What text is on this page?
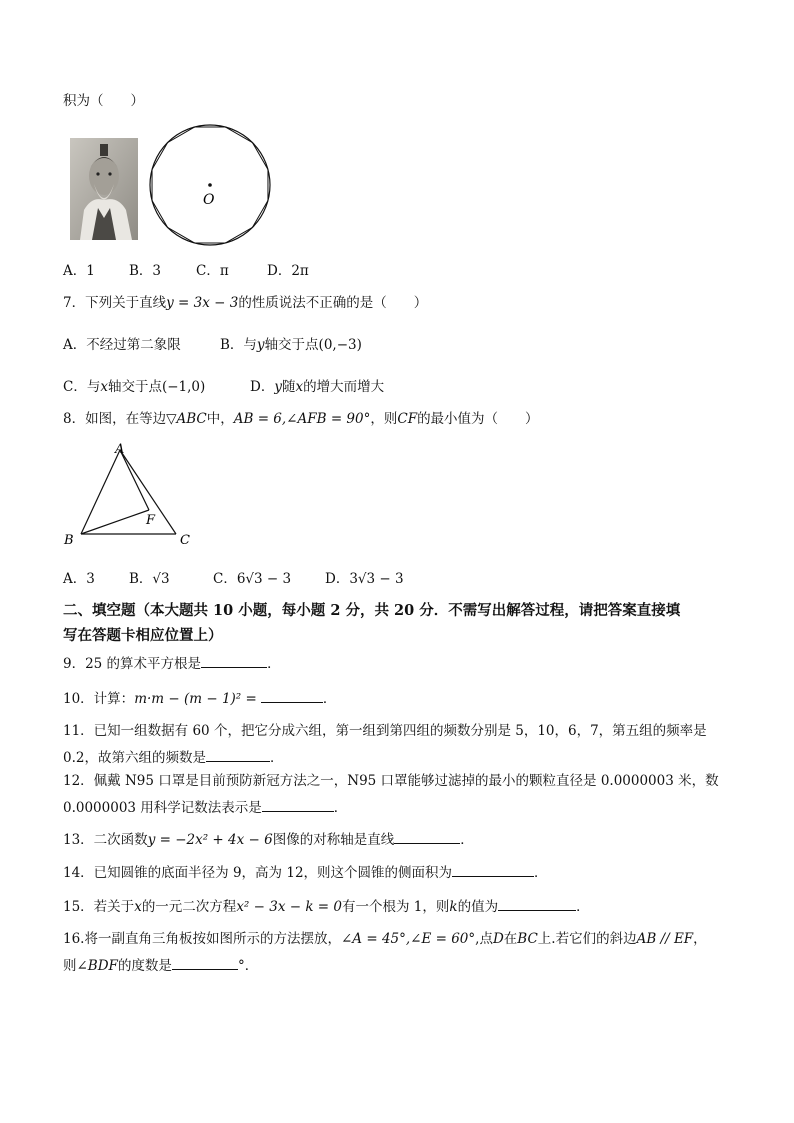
积为（　　）
O
A．1	B．3	C．π	D．2π
7．下列关于直线y = 3x − 3的性质说法不正确的是（　　）
A．不经过第二象限	B．与y轴交于点(0,−3)
C．与x轴交于点(−1,0)	D．y随x的增大而增大
8．如图，在等边▽ABC中，AB = 6,∠AFB = 90°，则CF的最小值为（　　）
A
B	C
F
A．3	B．√3	C．6√3 − 3	D．3√3 − 3
二、填空题（本大题共 10 小题，每小题 2 分，共 20 分．不需写出解答过程，请把答案直接填
写在答题卡相应位置上）
9．25 的算术平方根是	．
10．计算：m·m − (m − 1)² =	．
11．已知一组数据有 60 个，把它分成六组，第一组到第四组的频数分别是 5，10，6，7，第五组的频率是
0.2，故第六组的频数是	．
12．佩戴 N95 口罩是目前预防新冠方法之一，N95 口罩能够过滤掉的最小的颗粒直径是 0.0000003 米，数
0.0000003 用科学记数法表示是	．
13．二次函数y = −2x² + 4x − 6图像的对称轴是直线	．
14．已知圆锥的底面半径为 9，高为 12，则这个圆锥的侧面积为	．
15．若关于x的一元二次方程x² − 3x − k = 0有一个根为 1，则k的值为	．
16.将一副直角三角板按如图所示的方法摆放，∠A = 45°,∠E = 60°,点D在BC上.若它们的斜边AB // EF，
则∠BDF的度数是	°．
